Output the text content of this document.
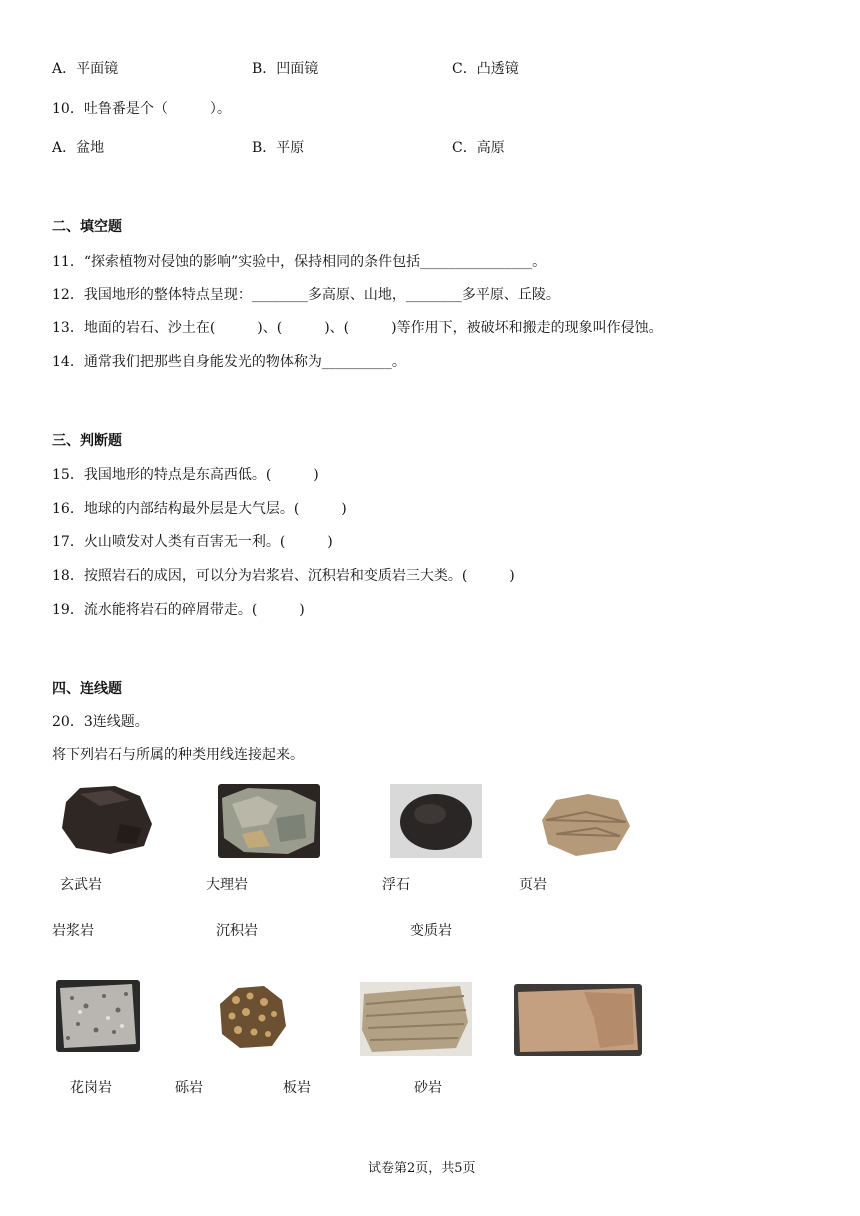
A．平面镜	B．凹面镜	C．凸透镜
10．吐鲁番是个（　　　）。
A．盆地	B．平原	C．高原
二、填空题
11．“探索植物对侵蚀的影响”实验中，保持相同的条件包括________________。
12．我国地形的整体特点呈现：________多高原、山地，________多平原、丘陵。
13．地面的岩石、沙土在(　　　)、(　　　)、(　　　)等作用下，被破坏和搬走的现象叫作侵蚀。
14．通常我们把那些自身能发光的物体称为__________。
三、判断题
15．我国地形的特点是东高西低。(　　　)
16．地球的内部结构最外层是大气层。(　　　)
17．火山喷发对人类有百害无一利。(　　　)
18．按照岩石的成因，可以分为岩浆岩、沉积岩和变质岩三大类。(　　　)
19．流水能将岩石的碎屑带走。(　　　)
四、连线题
20．3连线题。
将下列岩石与所属的种类用线连接起来。
玄武岩	大理岩	浮石	页岩
岩浆岩	沉积岩	变质岩
花岗岩	砾岩	板岩	砂岩
试卷第2页，共5页
